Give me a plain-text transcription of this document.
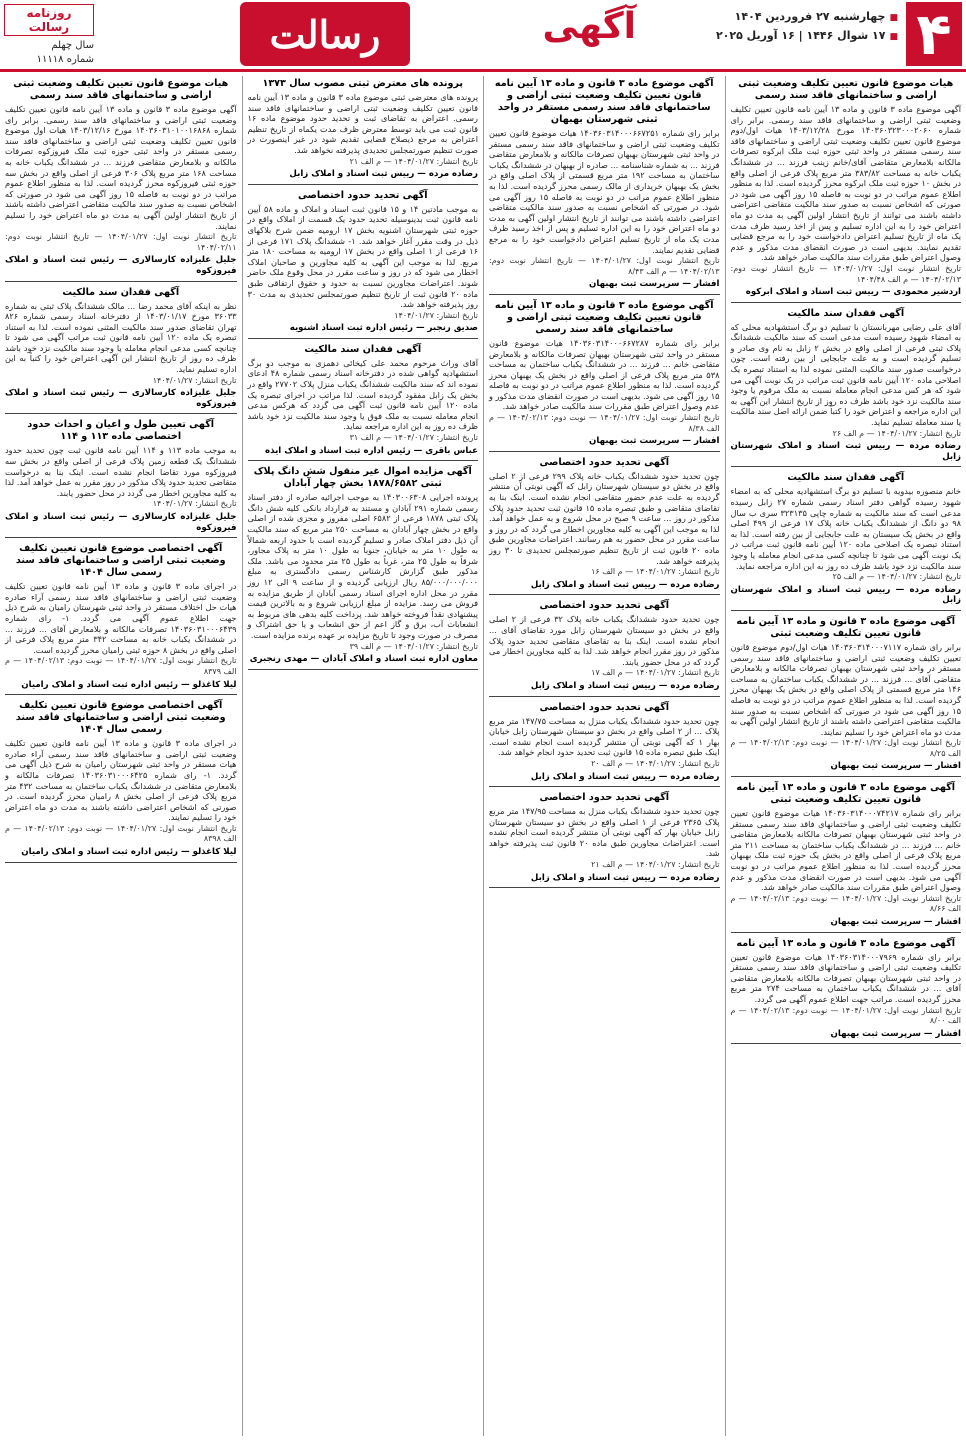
۴
■ چهارشنبه ۲۷ فروردین ۱۴۰۴
■ ۱۷ شوال ۱۴۴۶ | ۱۶ آوریل ۲۰۲۵
آگهی
رسالت
روزنامه رسالت
سال چهلم
شماره ۱۱۱۱۸
هیات موضوع قانون تعیین تکلیف وضعیت ثبتی اراضی و ساختمانهای فاقد سند رسمی
آگهی موضوع ماده ۳ قانون و ماده ۱۳ آیین نامه قانون تعیین تکلیف وضعیت ثبتی اراضی و ساختمانهای فاقد سند رسمی. برابر رای شماره ۱۴۰۳۶۰۳۲۳۰۰۰۲۰۶۰ مورخ ۱۴۰۳/۱۲/۲۸ هیات اول/دوم موضوع قانون تعیین تکلیف وضعیت ثبتی اراضی و ساختمانهای فاقد سند رسمی مستقر در واحد ثبتی حوزه ثبت ملک ابرکوه تصرفات مالکانه بلامعارض متقاضی آقای/خانم زینب فرزند ... در ششدانگ یکباب خانه به مساحت ۳۸۳/۸۲ متر مربع پلاک فرعی از اصلی واقع در بخش ۱۰ حوزه ثبت ملک ابرکوه محرز گردیده است. لذا به منظور اطلاع عموم مراتب در دو نوبت به فاصله ۱۵ روز آگهی می شود در صورتی که اشخاص نسبت به صدور سند مالکیت متقاضی اعتراضی داشته باشند می توانند از تاریخ انتشار اولین آگهی به مدت دو ماه اعتراض خود را به این اداره تسلیم و پس از اخذ رسید ظرف مدت یک ماه از تاریخ تسلیم اعتراض دادخواست خود را به مرجع قضایی تقدیم نمایند. بدیهی است در صورت انقضای مدت مذکور و عدم وصول اعتراض طبق مقررات سند مالکیت صادر خواهد شد.
تاریخ انتشار نوبت اول: ۱۴۰۴/۰۱/۲۷ — تاریخ انتشار نوبت دوم: ۱۴۰۴/۰۲/۱۳ — م الف ۱۴۰۴/۴۸
اردشیر محمودی — رییس ثبت اسناد و املاک ابرکوه
آگهی فقدان سند مالکیت
آقای علی رضایی مهربانستان با تسلیم دو برگ استشهادیه محلی که به امضاء شهود رسیده است مدعی است که سند مالکیت ششدانگ پلاک ثبتی فرعی از اصلی واقع در بخش ۲ زابل به نام وی صادر و تسلیم گردیده است و به علت جابجایی از بین رفته است. چون درخواست صدور سند مالکیت المثنی نموده لذا به استناد تبصره یک اصلاحی ماده ۱۲۰ آیین نامه قانون ثبت مراتب در یک نوبت آگهی می شود که هر کس مدعی انجام معامله نسبت به ملک مرقوم یا وجود سند مالکیت نزد خود باشد ظرف ده روز از تاریخ انتشار این آگهی به این اداره مراجعه و اعتراض خود را کتباً ضمن ارائه اصل سند مالکیت یا سند معامله تسلیم نماید.
تاریخ انتشار: ۱۴۰۴/۰۱/۲۷ — م الف ۲۶
رضاده مرده — رییس ثبت اسناد و املاک شهرستان زابل
آگهی فقدان سند مالکیت
خانم منصوره بیدویه با تسلیم دو برگ استشهادیه محلی که به امضاء شهود رسیده گواهی دفتر اسناد رسمی شماره ۲۷ زابل رسیده مدعی است که سند مالکیت به شماره چاپی ۳۲۳۱۳۵ سری ب سال ۹۸ دو دانگ از ششدانگ یکباب خانه پلاک ۱۷ فرعی از ۴۹۹ اصلی واقع در بخش یک سیستان به علت جابجایی از بین رفته است. لذا به استناد تبصره یک اصلاحی ماده ۱۲۰ آیین نامه قانون ثبت مراتب در یک نوبت آگهی می شود تا چنانچه کسی مدعی انجام معامله یا وجود سند مالکیت نزد خود باشد ظرف ده روز به این اداره مراجعه نماید.
تاریخ انتشار: ۱۴۰۴/۰۱/۲۷ — م الف ۲۵
رضاده مرده — رییس ثبت اسناد و املاک شهرستان زابل
آگهی موضوع ماده ۳ قانون و ماده ۱۳ آیین نامه قانون تعیین تکلیف وضعیت ثبتی
برابر رای شماره ۱۴۰۳۶۰۳۱۴۰۰۰۷۱۱۷ هیات اول/دوم موضوع قانون تعیین تکلیف وضعیت ثبتی اراضی و ساختمانهای فاقد سند رسمی مستقر در واحد ثبتی شهرستان بهبهان تصرفات مالکانه و بلامعارض متقاضی آقای ... فرزند ... در ششدانگ یکباب ساختمان به مساحت ۱۴۶ متر مربع قسمتی از پلاک اصلی واقع در بخش یک بهبهان محرز گردیده است. لذا به منظور اطلاع عموم مراتب در دو نوبت به فاصله ۱۵ روز آگهی می شود در صورتی که اشخاص نسبت به صدور سند مالکیت متقاضی اعتراضی داشته باشند از تاریخ انتشار اولین آگهی به مدت دو ماه اعتراض خود را تسلیم نمایند.
تاریخ انتشار نوبت اول: ۱۴۰۴/۰۱/۲۷ — نوبت دوم: ۱۴۰۴/۰۲/۱۳ — م الف ۸/۲۵
افشار — سرپرست ثبت بهبهان
آگهی موضوع ماده ۳ قانون و ماده ۱۳ آیین نامه قانون تعیین تکلیف وضعیت ثبتی
برابر رای شماره ۱۴۰۳۶۰۳۱۴۰۰۰۷۴۲۱۷ هیات موضوع قانون تعیین تکلیف وضعیت ثبتی اراضی و ساختمانهای فاقد سند رسمی مستقر در واحد ثبتی شهرستان بهبهان تصرفات مالکانه بلامعارض متقاضی خانم ... فرزند ... در ششدانگ یکباب ساختمان به مساحت ۲۱۱ متر مربع پلاک فرعی از اصلی واقع در بخش یک حوزه ثبت ملک بهبهان محرز گردیده است. لذا به منظور اطلاع عموم مراتب در دو نوبت آگهی می شود. بدیهی است در صورت انقضای مدت مذکور و عدم وصول اعتراض طبق مقررات سند مالکیت صادر خواهد شد.
تاریخ انتشار نوبت اول: ۱۴۰۴/۰۱/۲۷ — نوبت دوم: ۱۴۰۴/۰۲/۱۳ — م الف ۸/۶۶
افشار — سرپرست ثبت بهبهان
آگهی موضوع ماده ۳ قانون و ماده ۱۳ آیین نامه
برابر رای شماره ۱۴۰۳۶۰۳۱۴۰۰۰۷۹۶۹ هیات موضوع قانون تعیین تکلیف وضعیت ثبتی اراضی و ساختمانهای فاقد سند رسمی مستقر در واحد ثبتی شهرستان بهبهان تصرفات مالکانه بلامعارض متقاضی آقای ... در ششدانگ یکباب ساختمان به مساحت ۲۷۴ متر مربع محرز گردیده است. مراتب جهت اطلاع عموم آگهی می گردد.
تاریخ انتشار نوبت اول: ۱۴۰۴/۰۱/۲۷ — نوبت دوم: ۱۴۰۴/۰۲/۱۳ — م الف ۸/۰۰
افشار — سرپرست ثبت بهبهان
آگهی موضوع ماده ۳ قانون و ماده ۱۳ آیین نامه قانون تعیین تکلیف وضعیت ثبتی اراضی و ساختمانهای فاقد سند رسمی مستقر در واحد ثبتی شهرستان بهبهان
برابر رای شماره ۱۴۰۳۶۰۳۱۴۰۰۰۶۶۷۲۵۱ هیات موضوع قانون تعیین تکلیف وضعیت ثبتی اراضی و ساختمانهای فاقد سند رسمی مستقر در واحد ثبتی شهرستان بهبهان تصرفات مالکانه و بلامعارض متقاضی فرزند ... به شماره شناسنامه ... صادره از بهبهان در ششدانگ یکباب ساختمان به مساحت ۱۹۲ متر مربع قسمتی از پلاک اصلی واقع در بخش یک بهبهان خریداری از مالک رسمی محرز گردیده است. لذا به منظور اطلاع عموم مراتب در دو نوبت به فاصله ۱۵ روز آگهی می شود. در صورتی که اشخاص نسبت به صدور سند مالکیت متقاضی اعتراضی داشته باشند می توانند از تاریخ انتشار اولین آگهی به مدت دو ماه اعتراض خود را به این اداره تسلیم و پس از اخذ رسید ظرف مدت یک ماه از تاریخ تسلیم اعتراض دادخواست خود را به مرجع قضایی تقدیم نمایند.
تاریخ انتشار نوبت اول: ۱۴۰۴/۰۱/۲۷ — تاریخ انتشار نوبت دوم: ۱۴۰۴/۰۲/۱۳ — م الف ۸/۴۳
افشار — سرپرست ثبت بهبهان
آگهی موضوع ماده ۳ قانون و ماده ۱۳ آیین نامه قانون تعیین تکلیف وضعیت ثبتی اراضی و ساختمانهای فاقد سند رسمی
برابر رای شماره ۱۴۰۳۶۰۳۱۴۰۰۰۶۶۷۲۸۷ هیات موضوع قانون مستقر در واحد ثبتی شهرستان بهبهان تصرفات مالکانه و بلامعارض متقاضی خانم ... فرزند ... در ششدانگ یکباب ساختمان به مساحت ۵۳۸ متر مربع پلاک فرعی از اصلی واقع در بخش یک بهبهان محرز گردیده است. لذا به منظور اطلاع عموم مراتب در دو نوبت به فاصله ۱۵ روز آگهی می شود. بدیهی است در صورت انقضای مدت مذکور و عدم وصول اعتراض طبق مقررات سند مالکیت صادر خواهد شد.
تاریخ انتشار نوبت اول: ۱۴۰۴/۰۱/۲۷ — نوبت دوم: ۱۴۰۴/۰۲/۱۳ — م الف ۸/۳۸
افشار — سرپرست ثبت بهبهان
آگهی تحدید حدود اختصاصی
چون تحدید حدود ششدانگ یکباب خانه پلاک ۲۹۹ فرعی از ۲ اصلی واقع در بخش دو سیستان شهرستان زابل که آگهی نوبتی آن منتشر گردیده به علت عدم حضور متقاضی انجام نشده است. اینک بنا به تقاضای متقاضی و طبق تبصره ماده ۱۵ قانون ثبت تحدید حدود پلاک مذکور در روز ... ساعت ۹ صبح در محل شروع و به عمل خواهد آمد. لذا به موجب این آگهی به کلیه مجاورین اخطار می گردد که در روز و ساعت مقرر در محل حضور به هم رسانند. اعتراضات مجاورین طبق ماده ۲۰ قانون ثبت از تاریخ تنظیم صورتمجلس تحدیدی تا ۳۰ روز پذیرفته خواهد شد.
تاریخ انتشار: ۱۴۰۴/۰۱/۲۷ — م الف ۱۶
رضاده مرده — رییس ثبت اسناد و املاک زابل
آگهی تحدید حدود اختصاصی
چون تحدید حدود ششدانگ یکباب خانه پلاک ۳۲ فرعی از ۲ اصلی واقع در بخش دو سیستان شهرستان زابل مورد تقاضای آقای ... انجام نشده است. اینک بنا به تقاضای متقاضی تحدید حدود پلاک مذکور در روز مقرر انجام خواهد شد. لذا به کلیه مجاورین اخطار می گردد که در محل حضور یابند.
تاریخ انتشار: ۱۴۰۴/۰۱/۲۷ — م الف ۱۷
رضاده مرده — رییس ثبت اسناد و املاک زابل
آگهی تحدید حدود اختصاصی
چون تحدید حدود ششدانگ یکباب منزل به مساحت ۱۴۷/۷۵ متر مربع پلاک ... از ۲ اصلی واقع در بخش دو سیستان شهرستان زابل خیابان بهار ۱ که آگهی نوبتی آن منتشر گردیده است انجام نشده است. اینک طبق تبصره ماده ۱۵ قانون ثبت تحدید حدود انجام خواهد شد.
تاریخ انتشار: ۱۴۰۴/۰۱/۲۷ — م الف ۲۰
رضاده مرده — رییس ثبت اسناد و املاک زابل
آگهی تحدید حدود اختصاصی
چون تحدید حدود ششدانگ یکباب منزل به مساحت ۱۴۷/۹۵ متر مربع پلاک ۲۳۶۵ فرعی از ۱ اصلی واقع در بخش دو سیستان شهرستان زابل خیابان بهار که آگهی نوبتی آن منتشر گردیده است انجام نشده است. اعتراضات مجاورین طبق ماده ۲۰ قانون ثبت پذیرفته خواهد شد.
تاریخ انتشار: ۱۴۰۴/۰۱/۲۷ — م الف ۲۱
رضاده مرده — رییس ثبت اسناد و املاک زابل
پرونده های معترض ثبتی مصوب سال ۱۳۷۳
پرونده های معترضی ثبتی موضوع ماده ۳ قانون و ماده ۱۳ آیین نامه قانون تعیین تکلیف وضعیت ثبتی اراضی و ساختمانهای فاقد سند رسمی. اعتراض به تقاضای ثبت و تحدید حدود موضوع ماده ۱۶ قانون ثبت می باید توسط معترض ظرف مدت یکماه از تاریخ تنظیم اعتراض به مرجع ذیصلاح قضایی تقدیم شود در غیر اینصورت در صورت تنظیم صورتمجلس تحدیدی پذیرفته نخواهد شد.
تاریخ انتشار: ۱۴۰۴/۰۱/۲۷ — م الف ۲۱
رضاده مرده — رییس ثبت اسناد و املاک زابل
آگهی تحدید حدود اختصاصی
به موجب مادتین ۱۴ و ۱۵ قانون ثبت اسناد و املاک و ماده ۵۸ آیین نامه قانون ثبت بدینوسیله تحدید حدود یک قسمت از املاک واقع در حوزه ثبتی شهرستان اشنویه بخش ۱۷ ارومیه ضمن شرح بلاکهای ذیل در وقت مقرر آغاز خواهد شد. ۱- ششدانگ پلاک ۱۷۱ فرعی از ۱۶ فرعی از ۱ اصلی واقع در بخش ۱۷ ارومیه به مساحت ۱۸۰ متر مربع. لذا به موجب این آگهی به کلیه مجاورین و صاحبان املاک اخطار می شود که در روز و ساعت مقرر در محل وقوع ملک حاضر شوند. اعتراضات مجاورین نسبت به حدود و حقوق ارتفاقی طبق ماده ۲۰ قانون ثبت از تاریخ تنظیم صورتمجلس تحدیدی به مدت ۳۰ روز پذیرفته خواهد شد.
تاریخ انتشار: ۱۴۰۴/۰۱/۲۷
صدیق رنجبر — رئیس اداره ثبت اسناد اشنویه
آگهی فقدان سند مالکیت
آقای وراث مرحوم محمد علی کیخائی دهمزی به موجب دو برگ استشهادیه گواهی شده در دفترخانه اسناد رسمی شماره ۴۸ ادعای نموده اند که سند مالکیت ششدانگ یکباب منزل پلاک ۲۷۷۰۲ واقع در بخش یک زابل مفقود گردیده است. لذا مراتب در اجرای تبصره یک ماده ۱۲۰ آیین نامه قانون ثبت آگهی می گردد که هرکس مدعی انجام معامله نسبت به ملک فوق یا وجود سند مالکیت نزد خود باشد ظرف ده روز به این اداره مراجعه نماید.
تاریخ انتشار: ۱۴۰۴/۰۱/۲۷ — م الف ۳۱
عباس باقری — رئیس اداره ثبت اسناد و املاک ایذه
آگهی مزایده اموال غیر منقول شش دانگ پلاک ثبتی ۱۸۷۸/۶۵۸۲ بخش چهار آبادان
پرونده اجرایی ۱۴۰۳۰۰۶۳۰۸ به موجب اجرائیه صادره از دفتر اسناد رسمی شماره ۲۹۱ آبادان و مستند به قرارداد بانکی کلیه شش دانگ پلاک ثبتی ۱۸۷۸ فرعی از ۶۵۸۲ اصلی مفروز و مجزی شده از اصلی واقع در بخش چهار آبادان به مساحت ۲۵۰ متر مربع که سند مالکیت آن ذیل دفتر املاک صادر و تسلیم گردیده است با حدود اربعه شمالاً به طول ۱۰ متر به خیابان، جنوباً به طول ۱۰ متر به پلاک مجاور، شرقاً به طول ۲۵ متر، غرباً به طول ۲۵ متر محدود می باشد. ملک مذکور طبق گزارش کارشناس رسمی دادگستری به مبلغ ۸۵/۰۰۰/۰۰۰/۰۰۰ ریال ارزیابی گردیده و از ساعت ۹ الی ۱۲ روز مقرر در محل اداره اجرای اسناد رسمی آبادان از طریق مزایده به فروش می رسد. مزایده از مبلغ ارزیابی شروع و به بالاترین قیمت پیشنهادی نقداً فروخته خواهد شد. پرداخت کلیه بدهی های مربوط به انشعابات آب، برق و گاز اعم از حق انشعاب و یا حق اشتراک و مصرف در صورت وجود تا تاریخ مزایده بر عهده برنده مزایده است.
تاریخ انتشار: ۱۴۰۴/۰۱/۲۷ — م الف ۳۹
معاون اداره ثبت اسناد و املاک آبادان — مهدی رنجبری
هیات موضوع قانون تعیین تکلیف وضعیت ثبتی اراضی و ساختمانهای فاقد سند رسمی
آگهی موضوع ماده ۳ قانون و ماده ۱۳ آیین نامه قانون تعیین تکلیف وضعیت ثبتی اراضی و ساختمانهای فاقد سند رسمی. برابر رای شماره ۱۴۰۳۶۰۳۱۰۱۰۰۱۶۸۶۸ مورخ ۱۴۰۳/۱۲/۱۶ هیات اول موضوع قانون تعیین تکلیف وضعیت ثبتی اراضی و ساختمانهای فاقد سند رسمی مستقر در واحد ثبتی حوزه ثبت ملک فیروزکوه تصرفات مالکانه و بلامعارض متقاضی فرزند ... در ششدانگ یکباب خانه به مساحت ۱۶۸ متر مربع پلاک ۳۰۶ فرعی از اصلی واقع در بخش سه حوزه ثبتی فیروزکوه محرز گردیده است. لذا به منظور اطلاع عموم مراتب در دو نوبت به فاصله ۱۵ روز آگهی می شود در صورتی که اشخاص نسبت به صدور سند مالکیت متقاضی اعتراضی داشته باشند از تاریخ انتشار اولین آگهی به مدت دو ماه اعتراض خود را تسلیم نمایند.
تاریخ انتشار نوبت اول: ۱۴۰۴/۰۱/۲۷ — تاریخ انتشار نوبت دوم: ۱۴۰۴/۰۲/۱۱
جلیل علیزاده کارسالاری — رئیس ثبت اسناد و املاک فیروزکوه
آگهی فقدان سند مالکیت
نظر به اینکه آقای محمد رضا ... مالک ششدانگ پلاک ثبتی به شماره ۳۶۰۳۳ مورخ ۱۴۰۳/۰۱/۱۷ از دفترخانه اسناد رسمی شماره ۸۲۶ تهران تقاضای صدور سند مالکیت المثنی نموده است. لذا به استناد تبصره یک ماده ۱۲۰ آیین نامه قانون ثبت مراتب آگهی می شود تا چنانچه کسی مدعی انجام معامله یا وجود سند مالکیت نزد خود باشد ظرف ده روز از تاریخ انتشار این آگهی اعتراض خود را کتباً به این اداره تسلیم نماید.
تاریخ انتشار: ۱۴۰۴/۰۱/۲۷
جلیل علیزاده کارسالاری — رئیس ثبت اسناد و املاک فیروزکوه
آگهی تعیین طول و اعیان و احداث حدود اختصاصی ماده ۱۱۳ و ۱۱۴
به موجب ماده ۱۱۳ و ۱۱۴ آیین نامه قانون ثبت چون تحدید حدود ششدانگ یک قطعه زمین پلاک فرعی از اصلی واقع در بخش سه فیروزکوه مورد تقاضا انجام نشده است. اینک بنا به درخواست متقاضی تحدید حدود پلاک مذکور در روز مقرر به عمل خواهد آمد. لذا به کلیه مجاورین اخطار می گردد در محل حضور یابند.
تاریخ انتشار: ۱۴۰۴/۰۱/۲۷
جلیل علیزاده کارسالاری — رئیس ثبت اسناد و املاک فیروزکوه
آگهی اختصاصی موضوع قانون تعیین تکلیف وضعیت ثبتی اراضی و ساختمانهای فاقد سند رسمی سال ۱۴۰۴
در اجرای ماده ۳ قانون و ماده ۱۳ آیین نامه قانون تعیین تکلیف وضعیت ثبتی اراضی و ساختمانهای فاقد سند رسمی آراء صادره هیات حل اختلاف مستقر در واحد ثبتی شهرستان رامیان به شرح ذیل جهت اطلاع عموم آگهی می گردد. ۱- رای شماره ۱۴۰۳۶۰۳۱۰۰۰۶۴۳۹ تصرفات مالکانه و بلامعارض آقای ... فرزند ... در ششدانگ یکباب خانه به مساحت ۳۴۲ متر مربع پلاک فرعی از اصلی واقع در بخش ۸ حوزه ثبتی رامیان محرز گردیده است.
تاریخ انتشار نوبت اول: ۱۴۰۴/۰۱/۲۷ — نوبت دوم: ۱۴۰۴/۰۲/۱۳ — م الف ۸۳۷۹
لیلا کاغذلو — رئیس اداره ثبت اسناد و املاک رامیان
آگهی اختصاصی موضوع قانون تعیین تکلیف وضعیت ثبتی اراضی و ساختمانهای فاقد سند رسمی سال ۱۴۰۴
در اجرای ماده ۳ قانون و ماده ۱۳ آیین نامه قانون تعیین تکلیف وضعیت ثبتی اراضی و ساختمانهای فاقد سند رسمی آراء صادره هیات مستقر در واحد ثبتی شهرستان رامیان به شرح ذیل آگهی می گردد. ۱- رای شماره ۱۴۰۳۶۰۳۱۰۰۰۶۴۲۵ تصرفات مالکانه و بلامعارض متقاضی در ششدانگ یکباب ساختمان به مساحت ۴۳۲ متر مربع پلاک فرعی از اصلی بخش ۸ رامیان محرز گردیده است. در صورتی که اشخاص اعتراضی داشته باشند به مدت دو ماه اعتراض خود را تسلیم نمایند.
تاریخ انتشار نوبت اول: ۱۴۰۴/۰۱/۲۷ — نوبت دوم: ۱۴۰۴/۰۲/۱۳ — م الف ۸۳۹۸
لیلا کاغذلو — رئیس اداره ثبت اسناد و املاک رامیان
